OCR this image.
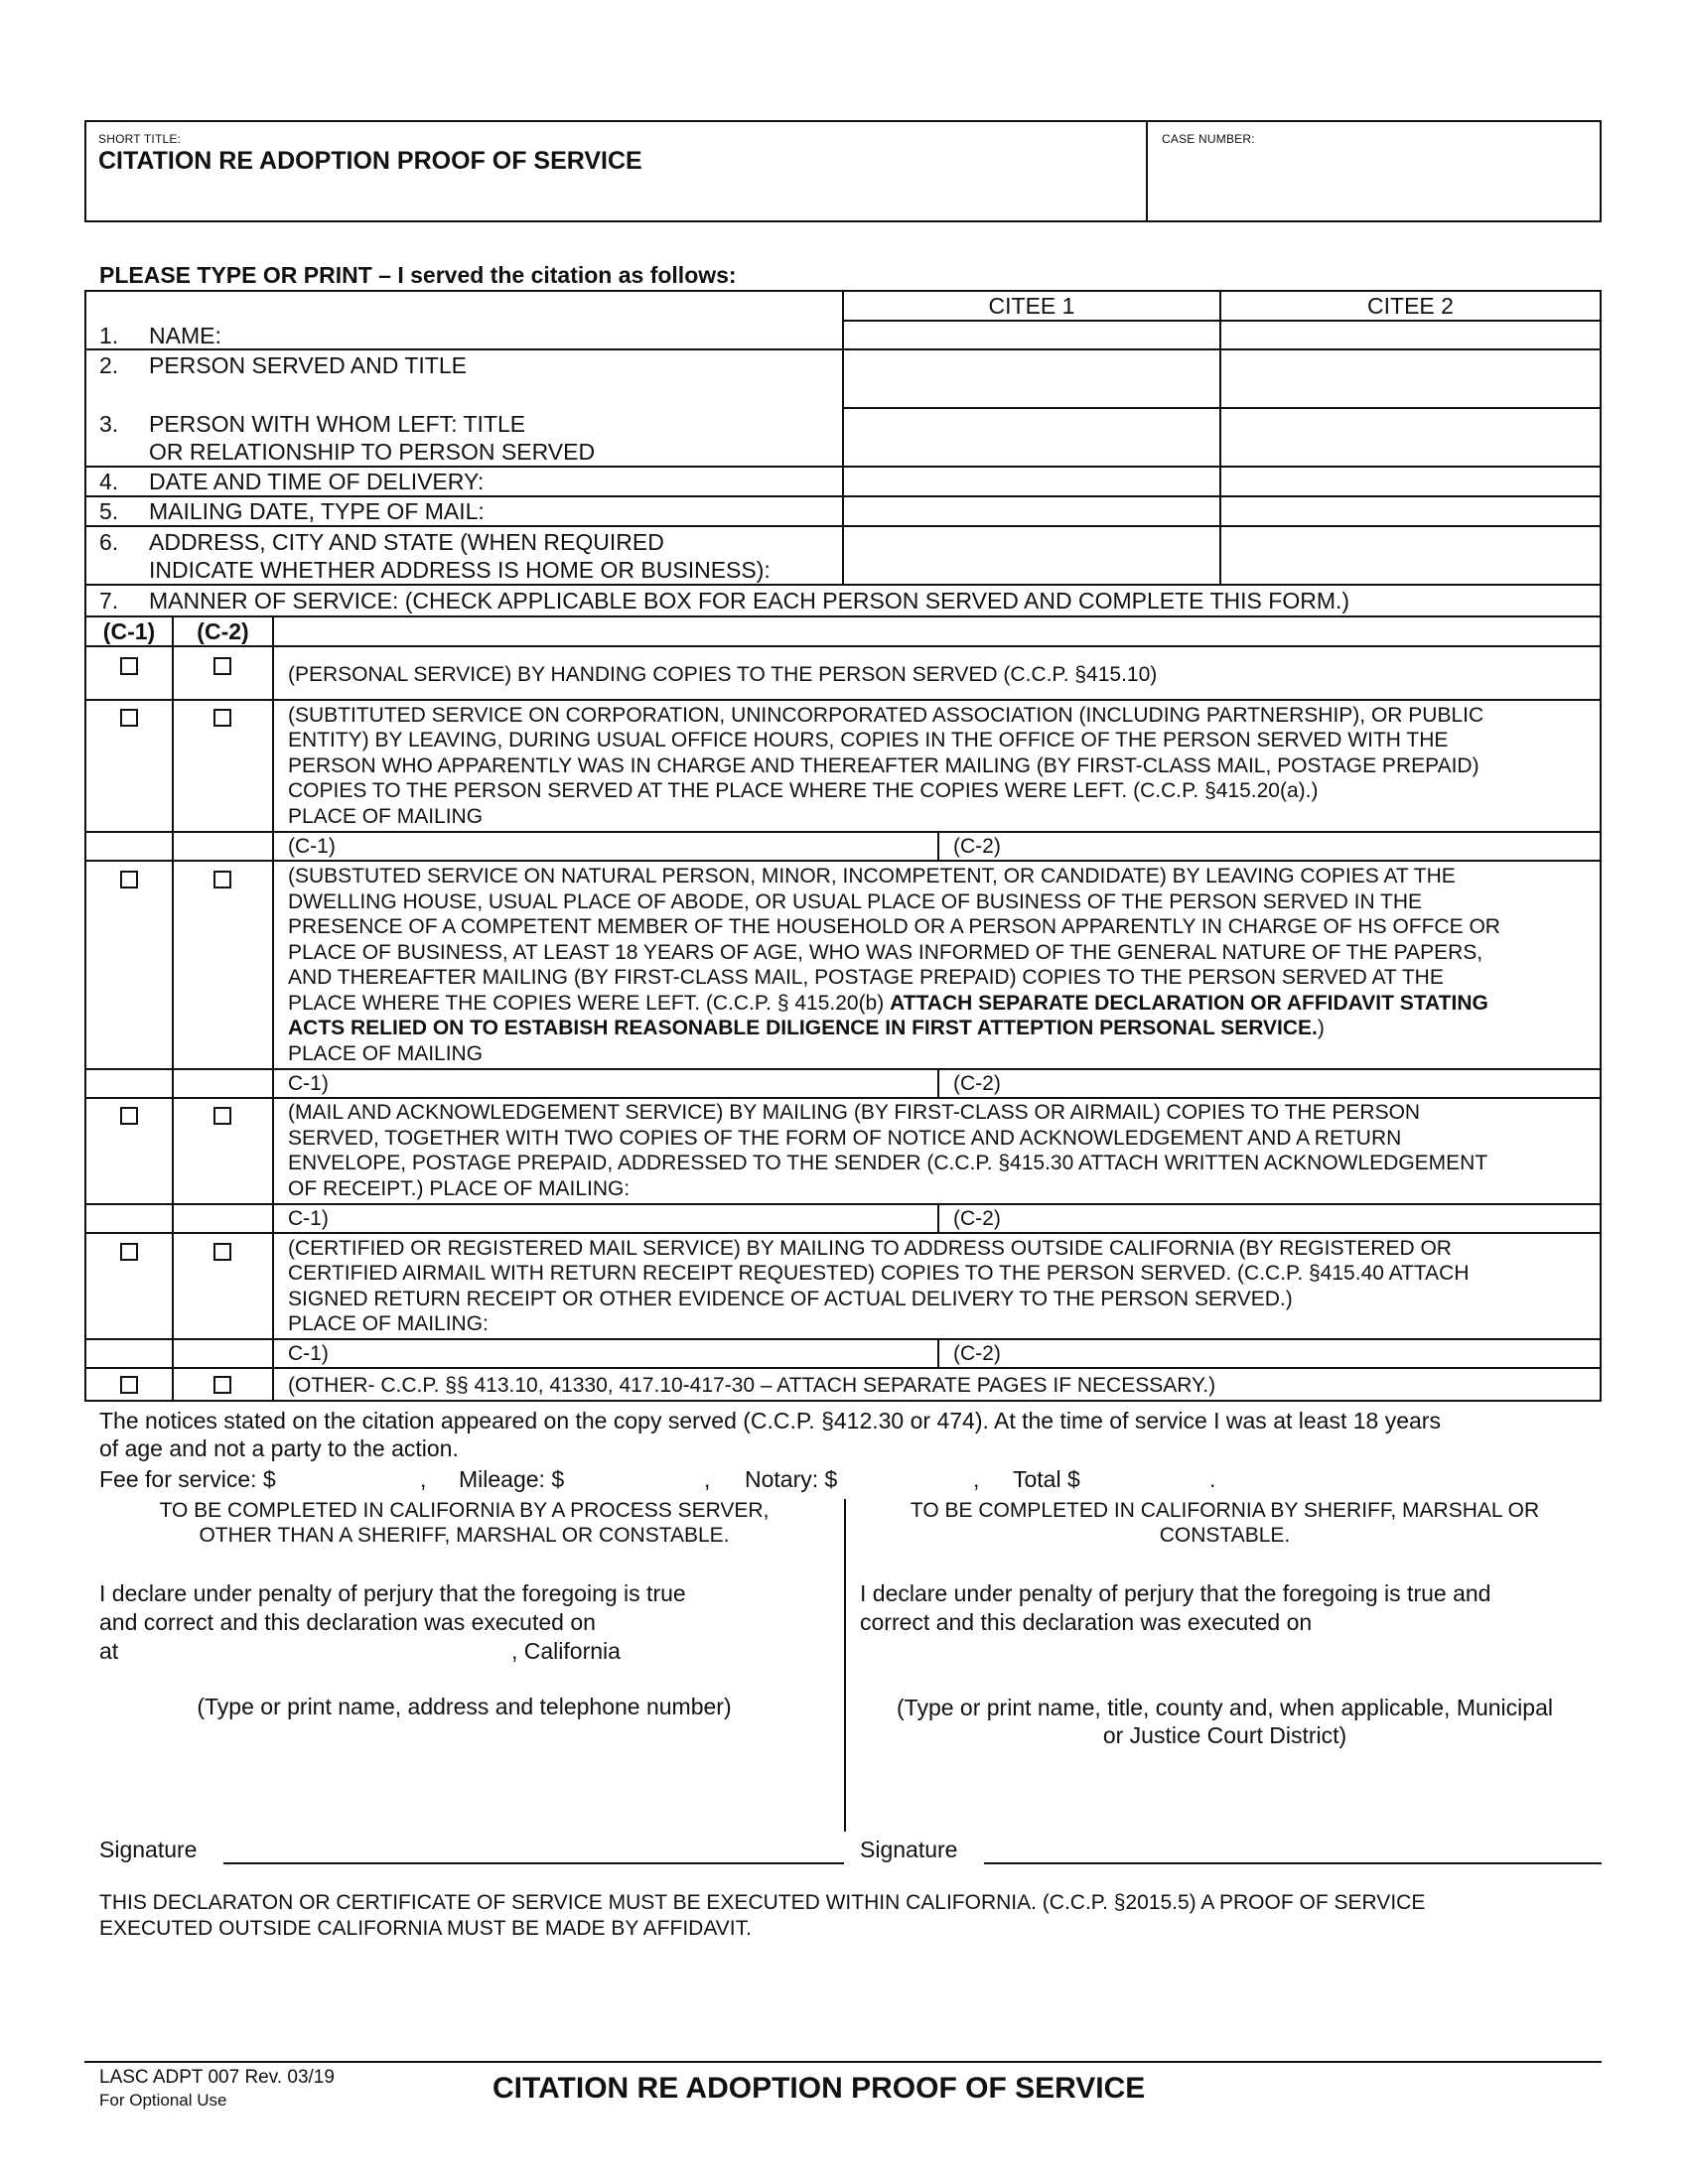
SHORT TITLE:
CITATION RE ADOPTION PROOF OF SERVICE
CASE NUMBER:
PLEASE TYPE OR PRINT – I served the citation as follows:
CITEE 1	CITEE 2
1. NAME:
2. PERSON SERVED AND TITLE
3. PERSON WITH WHOM LEFT: TITLE
OR RELATIONSHIP TO PERSON SERVED
4. DATE AND TIME OF DELIVERY:
5. MAILING DATE, TYPE OF MAIL:
6. ADDRESS, CITY AND STATE (WHEN REQUIRED
INDICATE WHETHER ADDRESS IS HOME OR BUSINESS):
7. MANNER OF SERVICE: (CHECK APPLICABLE BOX FOR EACH PERSON SERVED AND COMPLETE THIS FORM.)
(C-1)	(C-2)
(PERSONAL SERVICE) BY HANDING COPIES TO THE PERSON SERVED (C.C.P. §415.10)
(SUBTITUTED SERVICE ON CORPORATION, UNINCORPORATED ASSOCIATION (INCLUDING PARTNERSHIP), OR PUBLIC
ENTITY) BY LEAVING, DURING USUAL OFFICE HOURS, COPIES IN THE OFFICE OF THE PERSON SERVED WITH THE
PERSON WHO APPARENTLY WAS IN CHARGE AND THEREAFTER MAILING (BY FIRST-CLASS MAIL, POSTAGE PREPAID)
COPIES TO THE PERSON SERVED AT THE PLACE WHERE THE COPIES WERE LEFT. (C.C.P. §415.20(a).)
PLACE OF MAILING
(C-1)	(C-2)
(SUBSTUTED SERVICE ON NATURAL PERSON, MINOR, INCOMPETENT, OR CANDIDATE) BY LEAVING COPIES AT THE
DWELLING HOUSE, USUAL PLACE OF ABODE, OR USUAL PLACE OF BUSINESS OF THE PERSON SERVED IN THE
PRESENCE OF A COMPETENT MEMBER OF THE HOUSEHOLD OR A PERSON APPARENTLY IN CHARGE OF HS OFFCE OR
PLACE OF BUSINESS, AT LEAST 18 YEARS OF AGE, WHO WAS INFORMED OF THE GENERAL NATURE OF THE PAPERS,
AND THEREAFTER MAILING (BY FIRST-CLASS MAIL, POSTAGE PREPAID) COPIES TO THE PERSON SERVED AT THE
PLACE WHERE THE COPIES WERE LEFT. (C.C.P. § 415.20(b) ATTACH SEPARATE DECLARATION OR AFFIDAVIT STATING
ACTS RELIED ON TO ESTABISH REASONABLE DILIGENCE IN FIRST ATTEPTION PERSONAL SERVICE.)
PLACE OF MAILING
C-1)	(C-2)
(MAIL AND ACKNOWLEDGEMENT SERVICE) BY MAILING (BY FIRST-CLASS OR AIRMAIL) COPIES TO THE PERSON
SERVED, TOGETHER WITH TWO COPIES OF THE FORM OF NOTICE AND ACKNOWLEDGEMENT AND A RETURN
ENVELOPE, POSTAGE PREPAID, ADDRESSED TO THE SENDER (C.C.P. §415.30 ATTACH WRITTEN ACKNOWLEDGEMENT
OF RECEIPT.) PLACE OF MAILING:
C-1)	(C-2)
(CERTIFIED OR REGISTERED MAIL SERVICE) BY MAILING TO ADDRESS OUTSIDE CALIFORNIA (BY REGISTERED OR
CERTIFIED AIRMAIL WITH RETURN RECEIPT REQUESTED) COPIES TO THE PERSON SERVED. (C.C.P. §415.40 ATTACH
SIGNED RETURN RECEIPT OR OTHER EVIDENCE OF ACTUAL DELIVERY TO THE PERSON SERVED.)
PLACE OF MAILING:
C-1)	(C-2)
(OTHER- C.C.P. §§ 413.10, 41330, 417.10-417-30 – ATTACH SEPARATE PAGES IF NECESSARY.)
The notices stated on the citation appeared on the copy served (C.C.P. §412.30 or 474). At the time of service I was at least 18 years
of age and not a party to the action.
Fee for service: $	, Mileage: $	, Notary: $	, Total $	.
TO BE COMPLETED IN CALIFORNIA BY A PROCESS SERVER,
OTHER THAN A SHERIFF, MARSHAL OR CONSTABLE.
I declare under penalty of perjury that the foregoing is true
and correct and this declaration was executed on
at	, California
(Type or print name, address and telephone number)
Signature
TO BE COMPLETED IN CALIFORNIA BY SHERIFF, MARSHAL OR
CONSTABLE.
I declare under penalty of perjury that the foregoing is true and
correct and this declaration was executed on
(Type or print name, title, county and, when applicable, Municipal
or Justice Court District)
Signature
THIS DECLARATON OR CERTIFICATE OF SERVICE MUST BE EXECUTED WITHIN CALIFORNIA. (C.C.P. §2015.5) A PROOF OF SERVICE
EXECUTED OUTSIDE CALIFORNIA MUST BE MADE BY AFFIDAVIT.
LASC ADPT 007 Rev. 03/19
For Optional Use	CITATION RE ADOPTION PROOF OF SERVICE
